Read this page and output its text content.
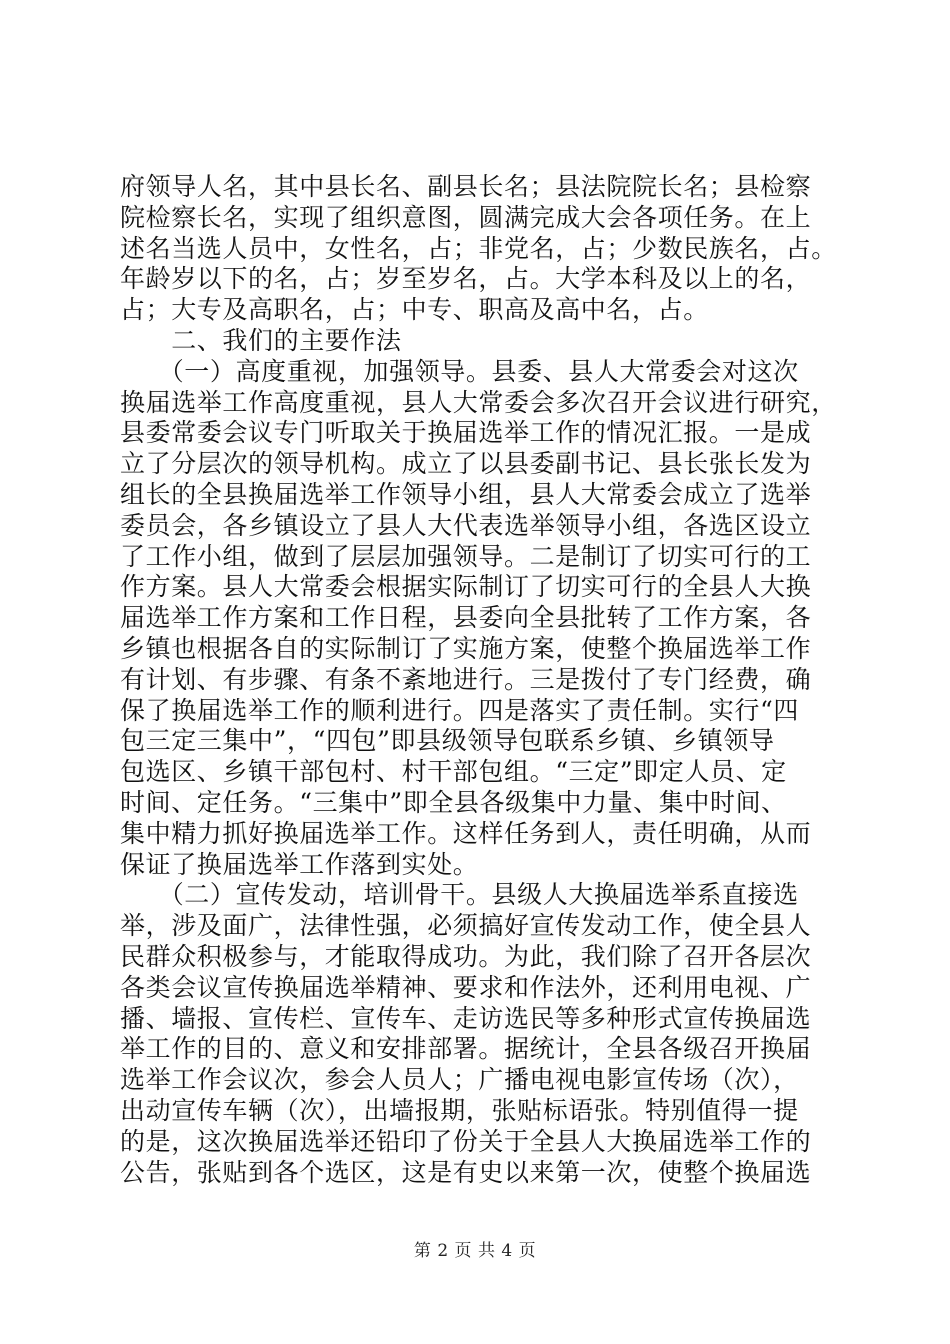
府领导人名，其中县长名、副县长名；县法院院长名；县检察
院检察长名，实现了组织意图，圆满完成大会各项任务。在上
述名当选人员中，女性名，占；非党名，占；少数民族名，占。
年龄岁以下的名，占；岁至岁名，占。大学本科及以上的名，
占；大专及高职名，占；中专、职高及高中名，占。
　　二、我们的主要作法
　　（一）高度重视，加强领导。县委、县人大常委会对这次
换届选举工作高度重视，县人大常委会多次召开会议进行研究，
县委常委会议专门听取关于换届选举工作的情况汇报。一是成
立了分层次的领导机构。成立了以县委副书记、县长张长发为
组长的全县换届选举工作领导小组，县人大常委会成立了选举
委员会，各乡镇设立了县人大代表选举领导小组，各选区设立
了工作小组，做到了层层加强领导。二是制订了切实可行的工
作方案。县人大常委会根据实际制订了切实可行的全县人大换
届选举工作方案和工作日程，县委向全县批转了工作方案，各
乡镇也根据各自的实际制订了实施方案，使整个换届选举工作
有计划、有步骤、有条不紊地进行。三是拨付了专门经费，确
保了换届选举工作的顺利进行。四是落实了责任制。实行“四
包三定三集中”，“四包”即县级领导包联系乡镇、乡镇领导
包选区、乡镇干部包村、村干部包组。“三定”即定人员、定
时间、定任务。“三集中”即全县各级集中力量、集中时间、
集中精力抓好换届选举工作。这样任务到人，责任明确，从而
保证了换届选举工作落到实处。
　　（二）宣传发动，培训骨干。县级人大换届选举系直接选
举，涉及面广，法律性强，必须搞好宣传发动工作，使全县人
民群众积极参与，才能取得成功。为此，我们除了召开各层次
各类会议宣传换届选举精神、要求和作法外，还利用电视、广
播、墙报、宣传栏、宣传车、走访选民等多种形式宣传换届选
举工作的目的、意义和安排部署。据统计，全县各级召开换届
选举工作会议次，参会人员人；广播电视电影宣传场（次），
出动宣传车辆（次），出墙报期，张贴标语张。特别值得一提
的是，这次换届选举还铅印了份关于全县人大换届选举工作的
公告，张贴到各个选区，这是有史以来第一次，使整个换届选
第 2 页 共 4 页
